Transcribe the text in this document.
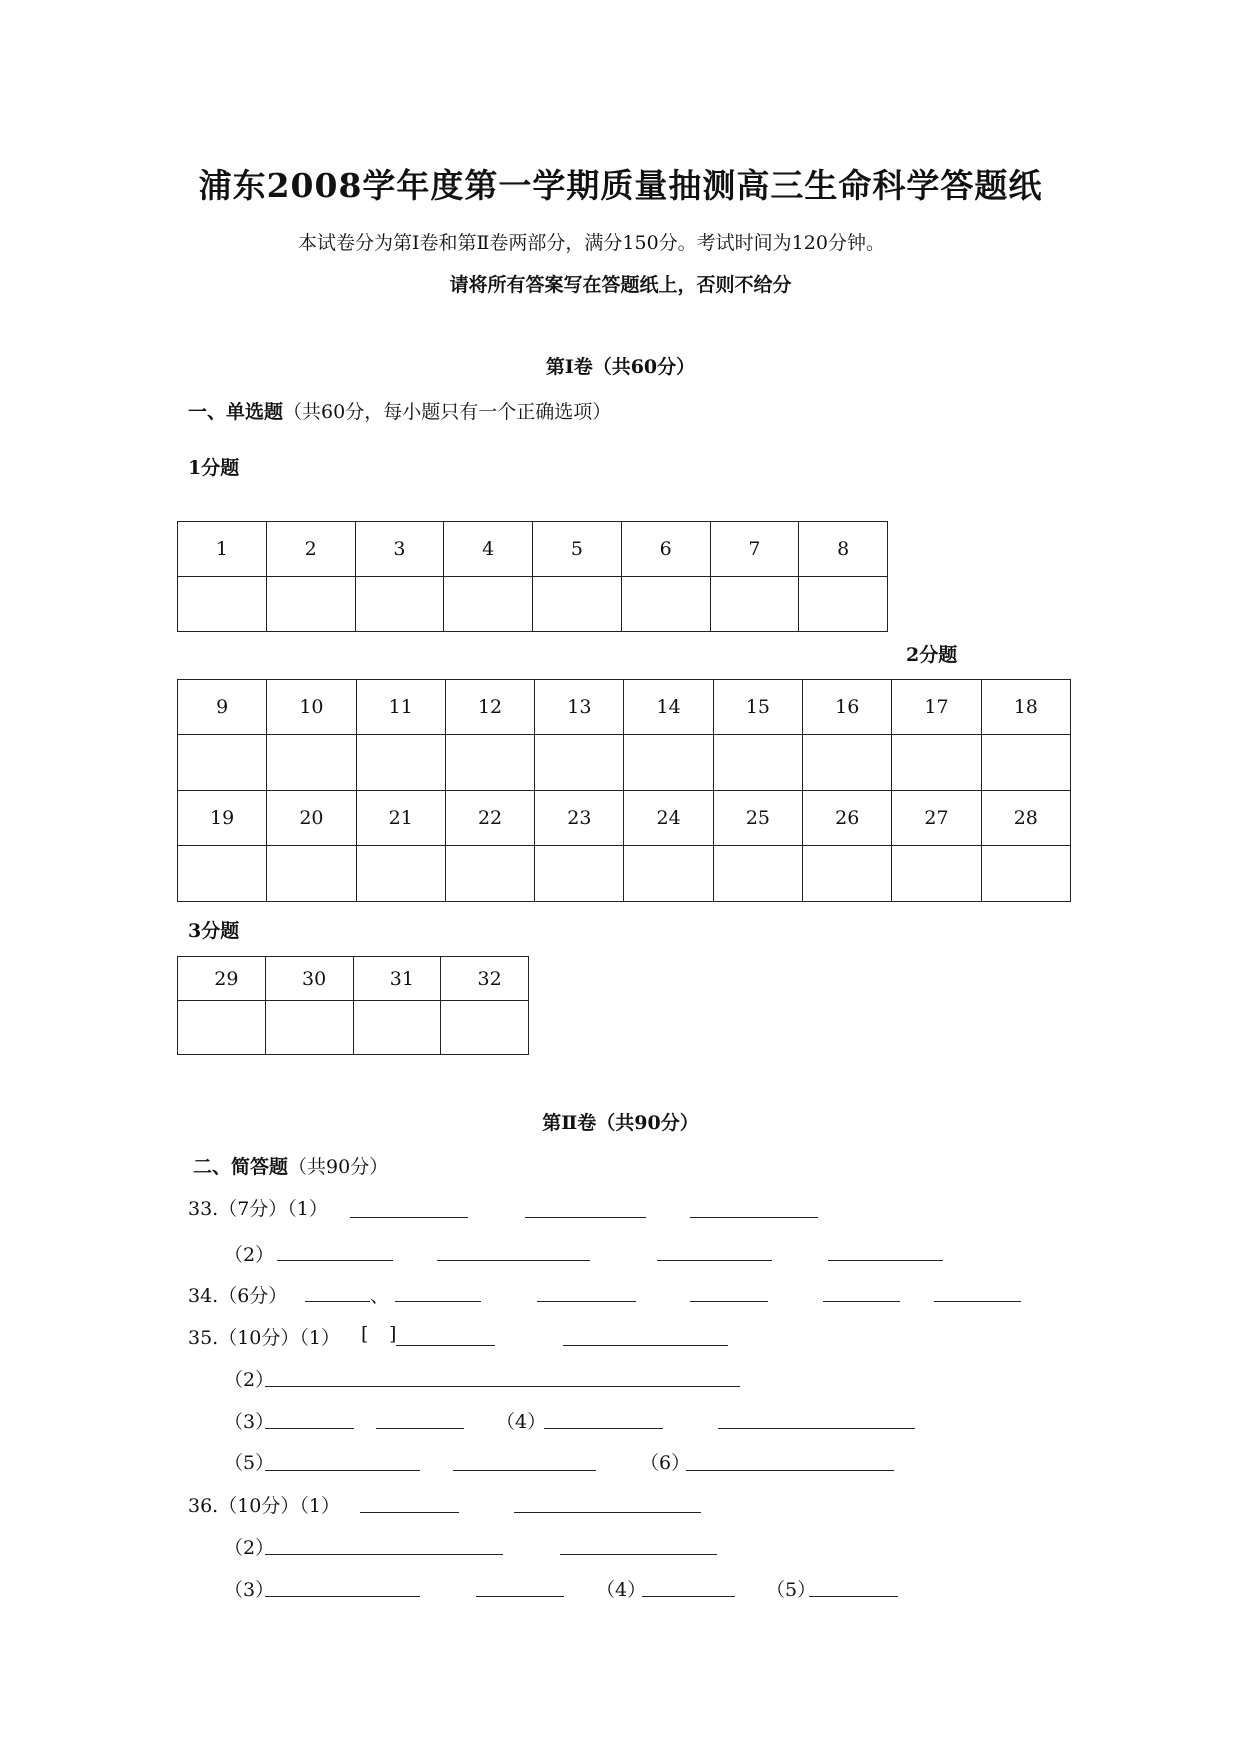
浦东2008学年度第一学期质量抽测高三生命科学答题纸
本试卷分为第Ⅰ卷和第Ⅱ卷两部分，满分150分。考试时间为120分钟。
请将所有答案写在答题纸上，否则不给分
第Ⅰ卷（共60分）
一、单选题（共60分，每小题只有一个正确选项）
1分题
1	2	3	4	5	6	7	8

2分题
9	10	11	12	13	14	15	16	17	18

19	20	21	22	23	24	25	26	27	28

3分题
29	30	31	32

第Ⅱ卷（共90分）
二、简答题（共90分）
33.（7分）（1）
（2）
34.（6分）	、
35.（10分）（1） [ ]
（2）
（3）	（4）
（5）	（6）
36.（10分）（1）
（2）
（3）	（4）	（5）
